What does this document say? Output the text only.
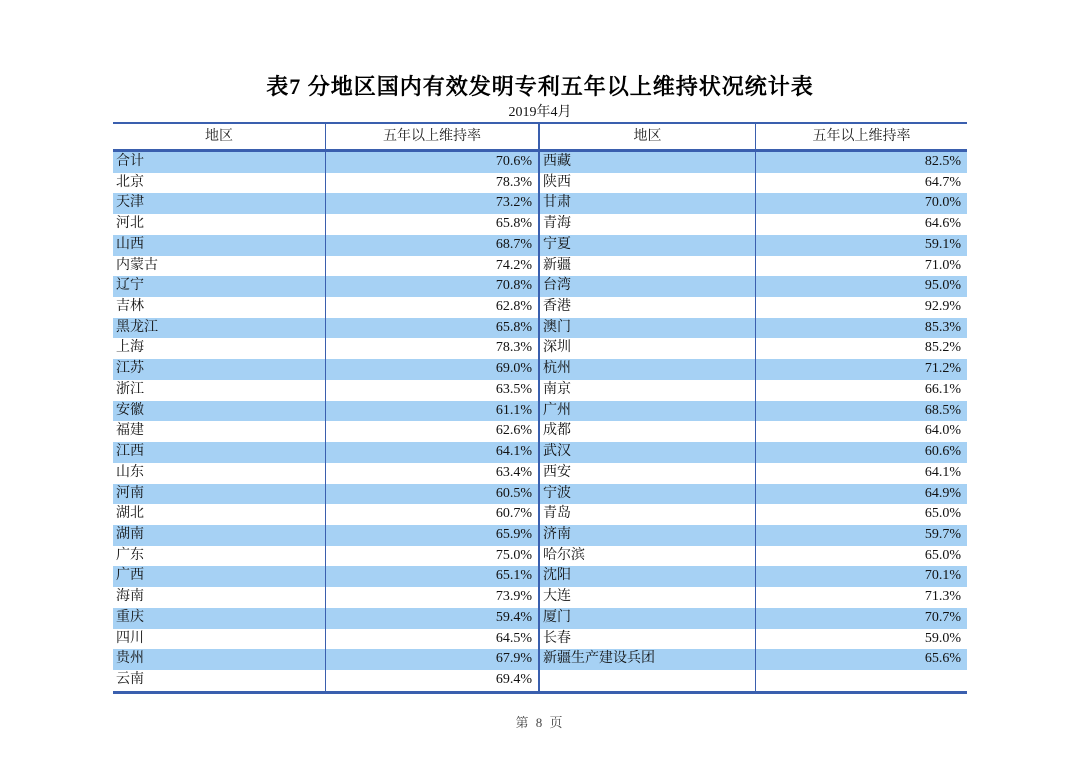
表7 分地区国内有效发明专利五年以上维持状况统计表
2019年4月
地区	五年以上维持率	地区	五年以上维持率
合计	70.6% 西藏	82.5%
北京	78.3% 陕西	64.7%
天津	73.2% 甘肃	70.0%
河北	65.8% 青海	64.6%
山西	68.7% 宁夏	59.1%
内蒙古	74.2% 新疆	71.0%
辽宁	70.8% 台湾	95.0%
吉林	62.8% 香港	92.9%
黑龙江	65.8% 澳门	85.3%
上海	78.3% 深圳	85.2%
江苏	69.0% 杭州	71.2%
浙江	63.5% 南京	66.1%
安徽	61.1% 广州	68.5%
福建	62.6% 成都	64.0%
江西	64.1% 武汉	60.6%
山东	63.4% 西安	64.1%
河南	60.5% 宁波	64.9%
湖北	60.7% 青岛	65.0%
湖南	65.9% 济南	59.7%
广东	75.0% 哈尔滨	65.0%
广西	65.1% 沈阳	70.1%
海南	73.9% 大连	71.3%
重庆	59.4% 厦门	70.7%
四川	64.5% 长春	59.0%
贵州	67.9% 新疆生产建设兵团	65.6%
云南	69.4%
第 8 页
